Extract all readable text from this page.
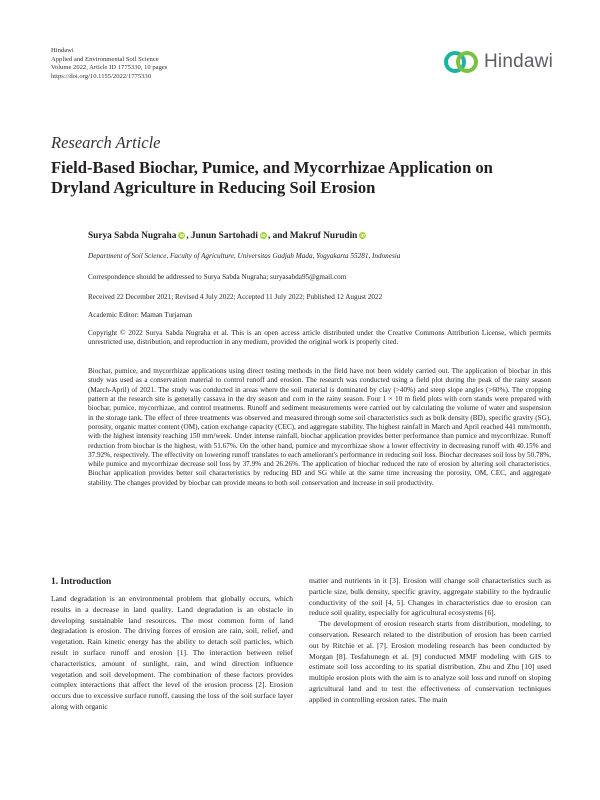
Hindawi
Applied and Environmental Soil Science
Volume 2022, Article ID 1775330, 10 pages
https://doi.org/10.1155/2022/1775330
Hindawi
Research Article
Field-Based Biochar, Pumice, and Mycorrhizae Application on Dryland Agriculture in Reducing Soil Erosion
Surya Sabda Nugraha iD , Junun Sartohadi iD , and Makruf Nurudin iD
Department of Soil Science, Faculty of Agriculture, Universitas Gadjah Mada, Yogyakarta 55281, Indonesia
Correspondence should be addressed to Surya Sabda Nugraha; suryasabda95@gmail.com
Received 22 December 2021; Revised 4 July 2022; Accepted 11 July 2022; Published 12 August 2022
Academic Editor: Maman Turjaman
Copyright © 2022 Surya Sabda Nugraha et al. This is an open access article distributed under the Creative Commons Attribution License, which permits unrestricted use, distribution, and reproduction in any medium, provided the original work is properly cited.
Biochar, pumice, and mycorrhizae applications using direct testing methods in the field have not been widely carried out. The application of biochar in this study was used as a conservation material to control runoff and erosion. The research was conducted using a field plot during the peak of the rainy season (March-April) of 2021. The study was conducted in areas where the soil material is dominated by clay (>40%) and steep slope angles (>60%). The cropping pattern at the research site is generally cassava in the dry season and corn in the rainy season. Four 1 × 10 m field plots with corn stands were prepared with biochar, pumice, mycorrhizae, and control treatments. Runoff and sediment measurements were carried out by calculating the volume of water and suspension in the storage tank. The effect of three treatments was observed and measured through some soil characteristics such as bulk density (BD), specific gravity (SG), porosity, organic matter content (OM), cation exchange capacity (CEC), and aggregate stability. The highest rainfall in March and April reached 441 mm/month, with the highest intensity reaching 150 mm/week. Under intense rainfall, biochar application provides better performance than pumice and mycorrhizae. Runoff reduction from biochar is the highest, with 51.67%. On the other hand, pumice and mycorrhizae show a lower effectivity in decreasing runoff with 40.15% and 37.92%, respectively. The effectivity on lowering runoff translates to each ameliorant's performance in reducing soil loss. Biochar decreases soil loss by 50.78%, while pumice and mycorrhizae decrease soil loss by 37.9% and 26.26%. The application of biochar reduced the rate of erosion by altering soil characteristics. Biochar application provides better soil characteristics by reducing BD and SG while at the same time increasing the porosity, OM, CEC, and aggregate stability. The changes provided by biochar can provide means to both soil conservation and increase in soil productivity.
1. Introduction

Land degradation is an environmental problem that globally occurs, which results in a decrease in land quality. Land degradation is an obstacle in developing sustainable land resources. The most common form of land degradation is erosion. The driving forces of erosion are rain, soil, relief, and vegetation. Rain kinetic energy has the ability to detach soil particles, which result in surface runoff and erosion [1]. The interaction between relief characteristics, amount of sunlight, rain, and wind direction influence vegetation and soil development. The combination of these factors provides complex interactions that affect the level of the erosion process [2]. Erosion occurs due to excessive surface runoff, causing the loss of the soil surface layer along with organic

matter and nutrients in it [3]. Erosion will change soil characteristics such as particle size, bulk density, specific gravity, aggregate stability to the hydraulic conductivity of the soil [4, 5]. Changes in characteristics due to erosion can reduce soil quality, especially for agricultural ecosystems [6].

The development of erosion research starts from distribution, modeling, to conservation. Research related to the distribution of erosion has been carried out by Ritchie et al. [7]. Erosion modeling research has been conducted by Morgan [8]. Tesfahunegn et al. [9] conducted MMF modeling with GIS to estimate soil loss according to its spatial distribution. Zhu and Zhu [10] used multiple erosion plots with the aim is to analyze soil loss and runoff on sloping agricultural land and to test the effectiveness of conservation techniques applied in controlling erosion rates. The main
